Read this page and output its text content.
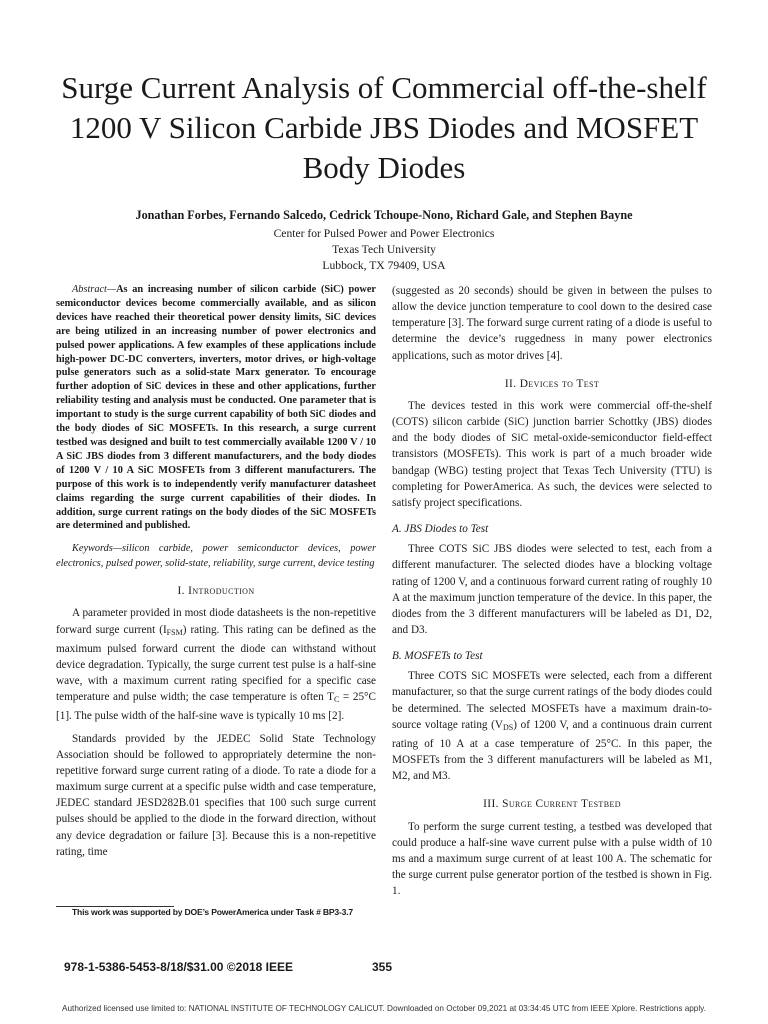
Surge Current Analysis of Commercial off-the-shelf
1200 V Silicon Carbide JBS Diodes and MOSFET
Body Diodes
Jonathan Forbes, Fernando Salcedo, Cedrick Tchoupe-Nono, Richard Gale, and Stephen Bayne
Center for Pulsed Power and Power Electronics
Texas Tech University
Lubbock, TX 79409, USA

Abstract—As an increasing number of silicon carbide (SiC) power semiconductor devices become commercially available, and as silicon devices have reached their theoretical power density limits, SiC devices are being utilized in an increasing number of power electronics and pulsed power applications. A few examples of these applications include high-power DC-DC converters, inverters, motor drives, or high-voltage pulse generators such as a solid-state Marx generator. To encourage further adoption of SiC devices in these and other applications, further reliability testing and analysis must be conducted. One parameter that is important to study is the surge current capability of both SiC diodes and the body diodes of SiC MOSFETs. In this research, a surge current testbed was designed and built to test commercially available 1200 V / 10 A SiC JBS diodes from 3 different manufacturers, and the body diodes of 1200 V / 10 A SiC MOSFETs from 3 different manufacturers. The purpose of this work is to independently verify manufacturer datasheet claims regarding the surge current capabilities of their diodes. In addition, surge current ratings on the body diodes of the SiC MOSFETs are determined and published.

Keywords—silicon carbide, power semiconductor devices, power electronics, pulsed power, solid-state, reliability, surge current, device testing

I. Introduction

A parameter provided in most diode datasheets is the non-repetitive forward surge current $(I_{FSM})$ rating. This rating can be defined as the maximum pulsed forward current the diode can withstand without device degradation. Typically, the surge current test pulse is a half-sine wave, with a maximum current rating specified for a specific case temperature and pulse width; the case temperature is often $T_C = 25^\circ C$ [1]. The pulse width of the half-sine wave is typically 10 ms [2].

Standards provided by the JEDEC Solid State Technology Association should be followed to appropriately determine the non-repetitive forward surge current rating of a diode. To rate a diode for a maximum surge current at a specific pulse width and case temperature, JEDEC standard JESD282B.01 specifies that 100 such surge current pulses should be applied to the diode in the forward direction, without any device degradation or failure [3]. Because this is a non-repetitive rating, time

(suggested as 20 seconds) should be given in between the pulses to allow the device junction temperature to cool down to the desired case temperature [3]. The forward surge current rating of a diode is useful to determine the device’s ruggedness in many power electronics applications, such as motor drives [4].

II. Devices to Test

The devices tested in this work were commercial off-the-shelf (COTS) silicon carbide (SiC) junction barrier Schottky (JBS) diodes and the body diodes of SiC metal-oxide-semiconductor field-effect transistors (MOSFETs). This work is part of a much broader wide bandgap (WBG) testing project that Texas Tech University (TTU) is completing for PowerAmerica. As such, the devices were selected to satisfy project specifications.

A. JBS Diodes to Test

Three COTS SiC JBS diodes were selected to test, each from a different manufacturer. The selected diodes have a blocking voltage rating of 1200 V, and a continuous forward current rating of roughly 10 A at the maximum junction temperature of the device. In this paper, the diodes from the 3 different manufacturers will be labeled as D1, D2, and D3.

B. MOSFETs to Test

Three COTS SiC MOSFETs were selected, each from a different manufacturer, so that the surge current ratings of the body diodes could be determined. The selected MOSFETs have a maximum drain-to-source voltage rating $(V_{DS})$ of 1200 V, and a continuous drain current rating of 10 A at a case temperature of 25°C. In this paper, the MOSFETs from the 3 different manufacturers will be labeled as M1, M2, and M3.

III. Surge Current Testbed

To perform the surge current testing, a testbed was developed that could produce a half-sine wave current pulse with a pulse width of 10 ms and a maximum surge current of at least 100 A. The schematic for the surge current pulse generator portion of the testbed is shown in Fig. 1.

This work was supported by DOE’s PowerAmerica under Task # BP3-3.7
978-1-5386-5453-8/18/$31.00 ©2018 IEEE	355
Authorized licensed use limited to: NATIONAL INSTITUTE OF TECHNOLOGY CALICUT. Downloaded on October 09,2021 at 03:34:45 UTC from IEEE Xplore. Restrictions apply.
